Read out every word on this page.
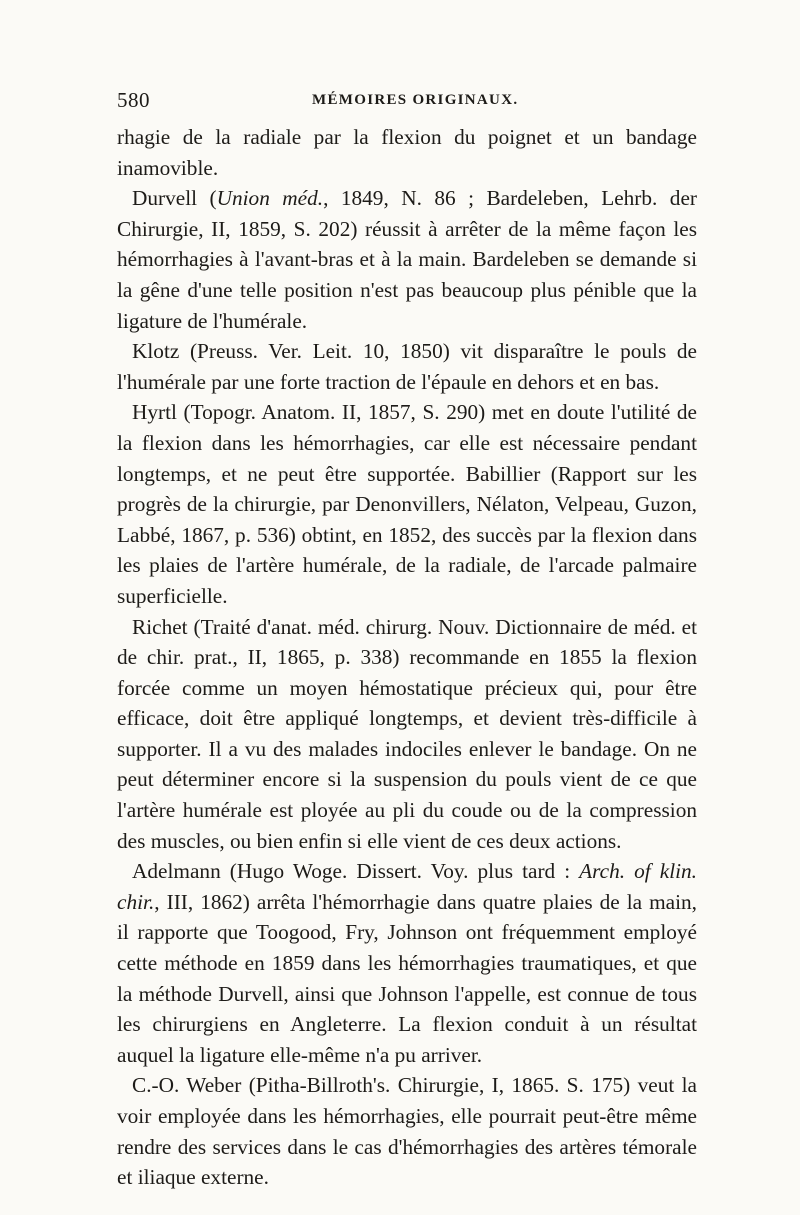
580	MÉMOIRES ORIGINAUX.

rhagie de la radiale par la flexion du poignet et un bandage inamovible.

Durvell (Union méd., 1849, N. 86 ; Bardeleben, Lehrb. der Chirurgie, II, 1859, S. 202) réussit à arrêter de la même façon les hémorrhagies à l'avant-bras et à la main. Bardeleben se demande si la gêne d'une telle position n'est pas beaucoup plus pénible que la ligature de l'humérale.

Klotz (Preuss. Ver. Leit. 10, 1850) vit disparaître le pouls de l'humérale par une forte traction de l'épaule en dehors et en bas.

Hyrtl (Topogr. Anatom. II, 1857, S. 290) met en doute l'utilité de la flexion dans les hémorrhagies, car elle est nécessaire pendant longtemps, et ne peut être supportée. Babillier (Rapport sur les progrès de la chirurgie, par Denonvillers, Nélaton, Velpeau, Guzon, Labbé, 1867, p. 536) obtint, en 1852, des succès par la flexion dans les plaies de l'artère humérale, de la radiale, de l'arcade palmaire superficielle.

Richet (Traité d'anat. méd. chirurg. Nouv. Dictionnaire de méd. et de chir. prat., II, 1865, p. 338) recommande en 1855 la flexion forcée comme un moyen hémostatique précieux qui, pour être efficace, doit être appliqué longtemps, et devient très-difficile à supporter. Il a vu des malades indociles enlever le bandage. On ne peut déterminer encore si la suspension du pouls vient de ce que l'artère humérale est ployée au pli du coude ou de la compression des muscles, ou bien enfin si elle vient de ces deux actions.

Adelmann (Hugo Woge. Dissert. Voy. plus tard : Arch. of klin. chir., III, 1862) arrêta l'hémorrhagie dans quatre plaies de la main, il rapporte que Toogood, Fry, Johnson ont fréquemment employé cette méthode en 1859 dans les hémorrhagies traumatiques, et que la méthode Durvell, ainsi que Johnson l'appelle, est connue de tous les chirurgiens en Angleterre. La flexion conduit à un résultat auquel la ligature elle-même n'a pu arriver.

C.-O. Weber (Pitha-Billroth's. Chirurgie, I, 1865. S. 175) veut la voir employée dans les hémorrhagies, elle pourrait peut-être même rendre des services dans le cas d'hémorrhagies des artères témorale et iliaque externe.
